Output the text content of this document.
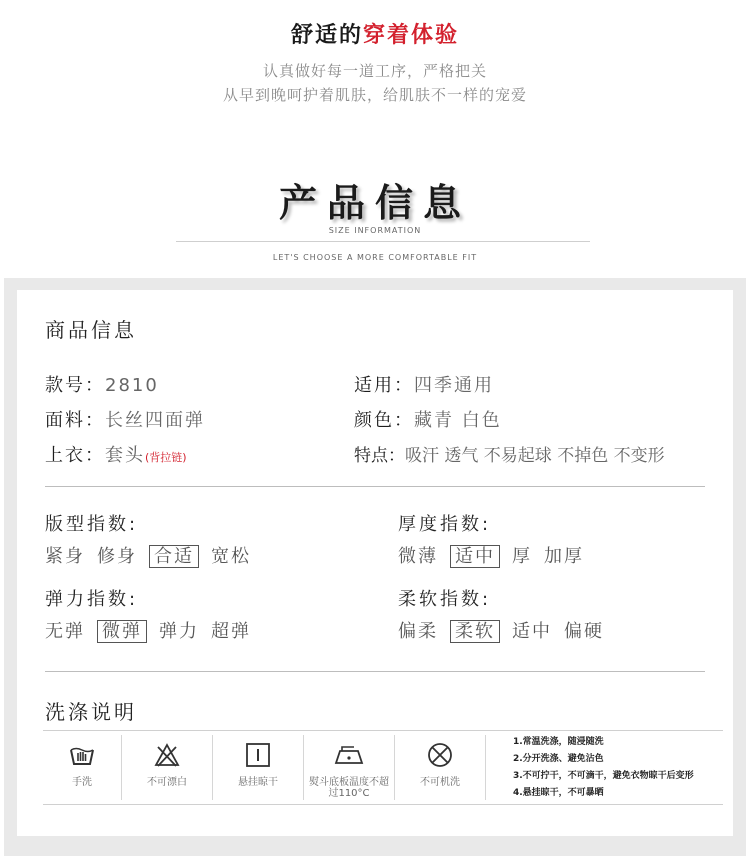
舒适的穿着体验
认真做好每一道工序，严格把关
从早到晚呵护着肌肤，给肌肤不一样的宠爱
产品信息
SIZE INFORMATION
LET'S CHOOSE A MORE COMFORTABLE FIT
商品信息
款号：2810
面料：长丝四面弹
上衣：套头(背拉链)
适用：四季通用
颜色：藏青 白色
特点：吸汗 透气 不易起球 不掉色 不变形
版型指数:
紧身 修身 合适 宽松
厚度指数:
微薄 适中 厚 加厚
弹力指数:
无弹 微弹 弹力 超弹
柔软指数:
偏柔 柔软 适中 偏硬
洗涤说明
手洗	不可漂白	悬挂晾干	熨斗底板温度不超过110°C
不可机洗
1.常温洗涤，随浸随洗
2.分开洗涤、避免沾色
3.不可拧干，不可滴干，避免衣物晾干后变形
4.悬挂晾干，不可暴晒
